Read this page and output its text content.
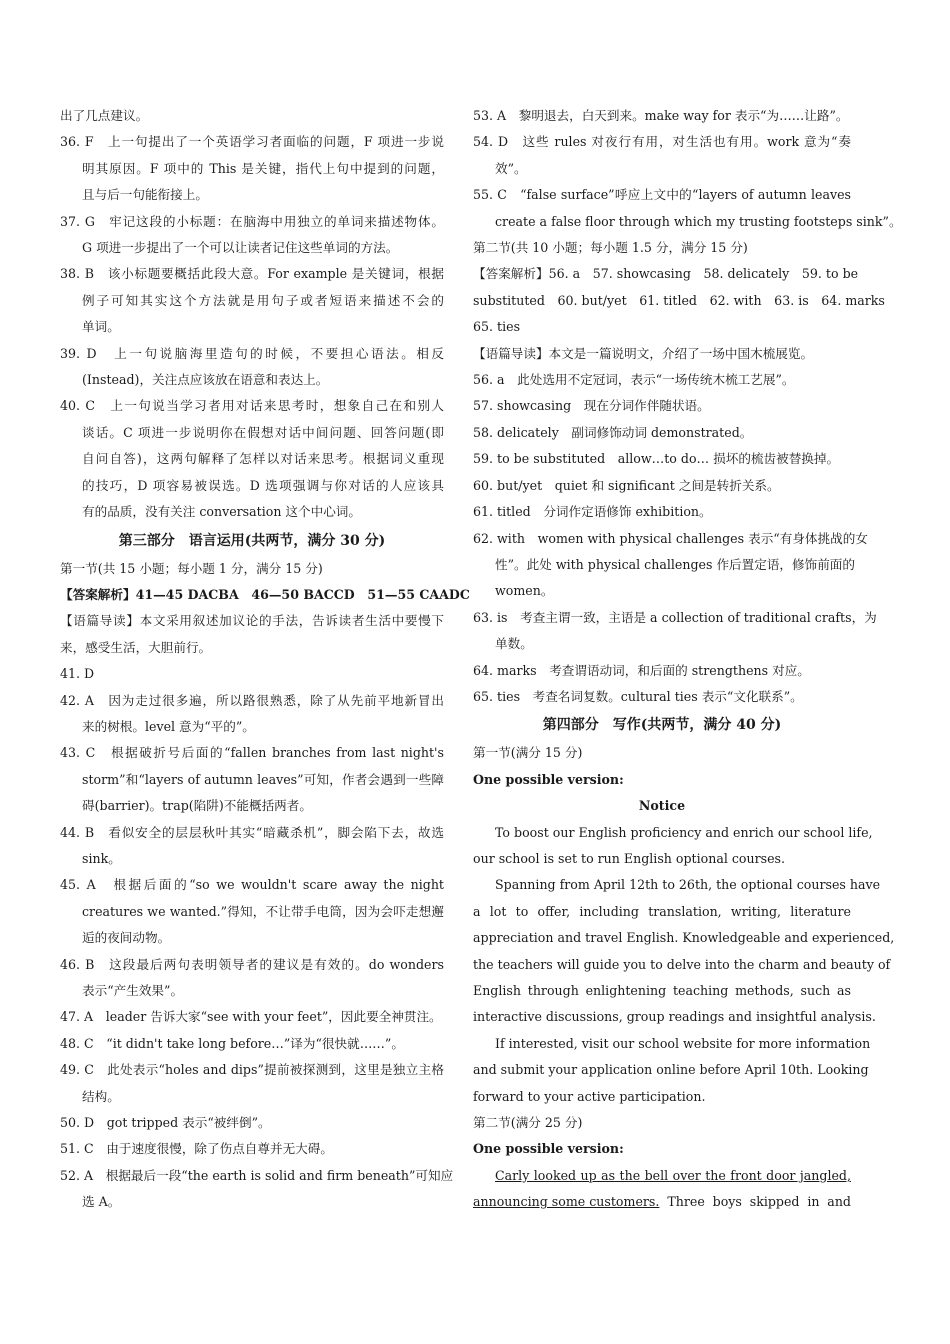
出了几点建议。
36. F　上一句提出了一个英语学习者面临的问题，F 项进一步说
明其原因。F 项中的 This 是关键，指代上句中提到的问题，
且与后一句能衔接上。
37. G　牢记这段的小标题：在脑海中用独立的单词来描述物体。
G 项进一步提出了一个可以让读者记住这些单词的方法。
38. B　该小标题要概括此段大意。For example 是关键词，根据
例子可知其实这个方法就是用句子或者短语来描述不会的
单词。
39. D　上一句说脑海里造句的时候，不要担心语法。相反
(Instead)，关注点应该放在语意和表达上。
40. C　上一句说当学习者用对话来思考时，想象自己在和别人
谈话。C 项进一步说明你在假想对话中间问题、回答问题(即
自问自答)，这两句解释了怎样以对话来思考。根据词义重现
的技巧，D 项容易被误选。D 选项强调与你对话的人应该具
有的品质，没有关注 conversation 这个中心词。
第三部分　语言运用(共两节，满分 30 分)
第一节(共 15 小题；每小题 1 分，满分 15 分)
【答案解析】41—45 DACBA　46—50 BACCD　51—55 CAADC
【语篇导读】本文采用叙述加议论的手法，告诉读者生活中要慢下
来，感受生活，大胆前行。
41. D
42. A　因为走过很多遍，所以路很熟悉，除了从先前平地新冒出
来的树根。level 意为“平的”。
43. C　根据破折号后面的“fallen branches from last night's
storm”和“layers of autumn leaves”可知，作者会遇到一些障
碍(barrier)。trap(陷阱)不能概括两者。
44. B　看似安全的层层秋叶其实“暗藏杀机”，脚会陷下去，故选
sink。
45. A　根据后面的“so we wouldn't scare away the night
creatures we wanted.”得知，不让带手电筒，因为会吓走想邂
逅的夜间动物。
46. B　这段最后两句表明领导者的建议是有效的。do wonders
表示“产生效果”。
47. A　leader 告诉大家“see with your feet”，因此要全神贯注。
48. C　“it didn't take long before…”译为“很快就……”。
49. C　此处表示“holes and dips”提前被探测到，这里是独立主格
结构。
50. D　got tripped 表示“被绊倒”。
51. C　由于速度很慢，除了伤点自尊并无大碍。
52. A　根据最后一段“the earth is solid and firm beneath”可知应
选 A。
53. A　黎明退去，白天到来。make way for 表示“为……让路”。
54. D　这些 rules 对夜行有用，对生活也有用。work 意为“奏
效”。
55. C　“false surface”呼应上文中的“layers of autumn leaves
create a false floor through which my trusting footsteps sink”。
第二节(共 10 小题；每小题 1.5 分，满分 15 分)
【答案解析】56. a　57. showcasing　58. delicately　59. to be
substituted　60. but/yet　61. titled　62. with　63. is　64. marks
65. ties
【语篇导读】本文是一篇说明文，介绍了一场中国木梳展览。
56. a　此处选用不定冠词，表示“一场传统木梳工艺展”。
57. showcasing　现在分词作伴随状语。
58. delicately　副词修饰动词 demonstrated。
59. to be substituted　allow…to do… 损坏的梳齿被替换掉。
60. but/yet　quiet 和 significant 之间是转折关系。
61. titled　分词作定语修饰 exhibition。
62. with　women with physical challenges 表示“有身体挑战的女
性”。此处 with physical challenges 作后置定语，修饰前面的
women。
63. is　考查主谓一致，主语是 a collection of traditional crafts，为
单数。
64. marks　考查谓语动词，和后面的 strengthens 对应。
65. ties　考查名词复数。cultural ties 表示“文化联系”。
第四部分　写作(共两节，满分 40 分)
第一节(满分 15 分)
One possible version:
Notice
To boost our English proficiency and enrich our school life,
our school is set to run English optional courses.
Spanning from April 12th to 26th, the optional courses have
a lot to offer, including translation, writing, literature
appreciation and travel English. Knowledgeable and experienced,
the teachers will guide you to delve into the charm and beauty of
English through enlightening teaching methods, such as
interactive discussions, group readings and insightful analysis.
If interested, visit our school website for more information
and submit your application online before April 10th. Looking
forward to your active participation.
第二节(满分 25 分)
One possible version:
Carly looked up as the bell over the front door jangled,
announcing some customers. Three boys skipped in and
